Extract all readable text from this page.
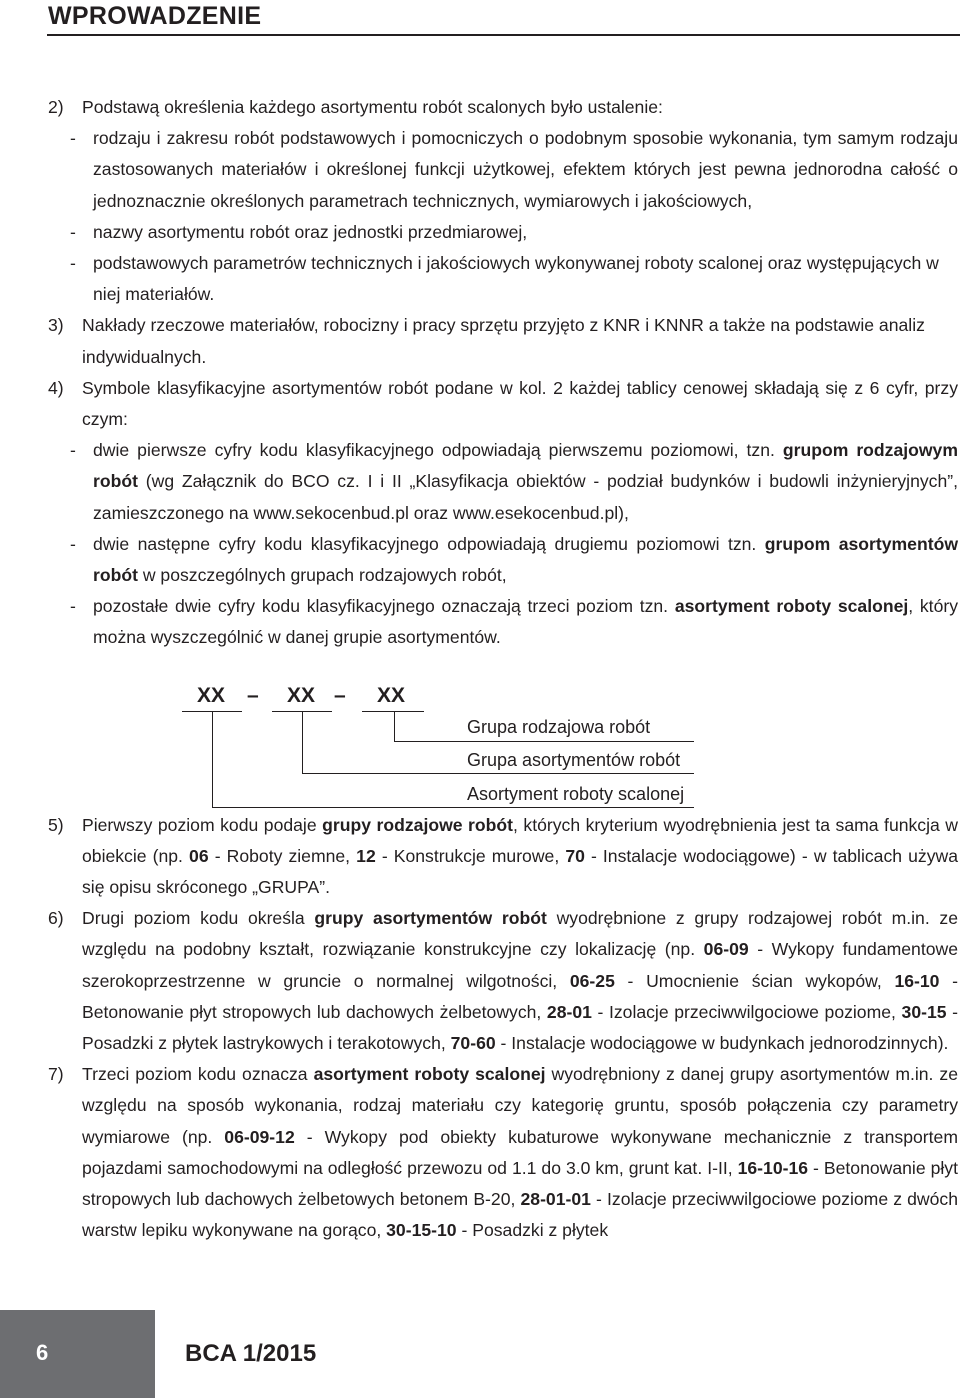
WPROWADZENIE
2) Podstawą określenia każdego asortymentu robót scalonych było ustalenie:
- rodzaju i zakresu robót podstawowych i pomocniczych o podobnym sposobie wykonania, tym samym rodzaju zastosowanych materiałów i określonej funkcji użytkowej, efektem których jest pewna jednorodna całość o jednoznacznie określonych parametrach technicznych, wymiarowych i jakościowych,
- nazwy asortymentu robót oraz jednostki przedmiarowej,
- podstawowych parametrów technicznych i jakościowych wykonywanej roboty scalonej oraz występujących w niej materiałów.
3) Nakłady rzeczowe materiałów, robocizny i pracy sprzętu przyjęto z KNR i KNNR a także na podstawie analiz indywidualnych.
4) Symbole klasyfikacyjne asortymentów robót podane w kol. 2 każdej tablicy cenowej składają się z 6 cyfr, przy czym:
- dwie pierwsze cyfry kodu klasyfikacyjnego odpowiadają pierwszemu poziomowi, tzn. grupom rodzajowym robót (wg Załącznik do BCO cz. I i II „Klasyfikacja obiektów - podział budynków i budowli inżynieryjnych”, zamieszczonego na www.sekocenbud.pl oraz www.esekocenbud.pl),
- dwie następne cyfry kodu klasyfikacyjnego odpowiadają drugiemu poziomowi tzn. grupom asortymentów robót w poszczególnych grupach rodzajowych robót,
- pozostałe dwie cyfry kodu klasyfikacyjnego oznaczają trzeci poziom tzn. asortyment roboty scalonej, który można wyszczególnić w danej grupie asortymentów.
5) Pierwszy poziom kodu podaje grupy rodzajowe robót, których kryterium wyodrębnienia jest ta sama funkcja w obiekcie (np. 06 - Roboty ziemne, 12 - Konstrukcje murowe, 70 - Instalacje wodociągowe) - w tablicach używa się opisu skróconego „GRUPA”.
6) Drugi poziom kodu określa grupy asortymentów robót wyodrębnione z grupy rodzajowej robót m.in. ze względu na podobny kształt, rozwiązanie konstrukcyjne czy lokalizację (np. 06-09 - Wykopy fundamentowe szerokoprzestrzenne w gruncie o normalnej wilgotności, 06-25 - Umocnienie ścian wykopów, 16-10 - Betonowanie płyt stropowych lub dachowych żelbetowych, 28-01 - Izolacje przeciwwilgociowe poziome, 30-15 - Posadzki z płytek lastrykowych i terakotowych, 70-60 - Instalacje wodociągowe w budynkach jednorodzinnych).
7) Trzeci poziom kodu oznacza asortyment roboty scalonej wyodrębniony z danej grupy asortymentów m.in. ze względu na sposób wykonania, rodzaj materiału czy kategorię gruntu, sposób połączenia czy parametry wymiarowe (np. 06-09-12 - Wykopy pod obiekty kubaturowe wykonywane mechanicznie z transportem pojazdami samochodowymi na odległość przewozu od 1.1 do 3.0 km, grunt kat. I-II, 16-10-16 - Betonowanie płyt stropowych lub dachowych żelbetowych betonem B-20, 28-01-01 - Izolacje przeciwwilgociowe poziome z dwóch warstw lepiku wykonywane na gorąco, 30-15-10 - Posadzki z płytek
XX – XX – XX
Grupa rodzajowa robót
Grupa asortymentów robót
Asortyment roboty scalonej
6	BCA 1/2015
